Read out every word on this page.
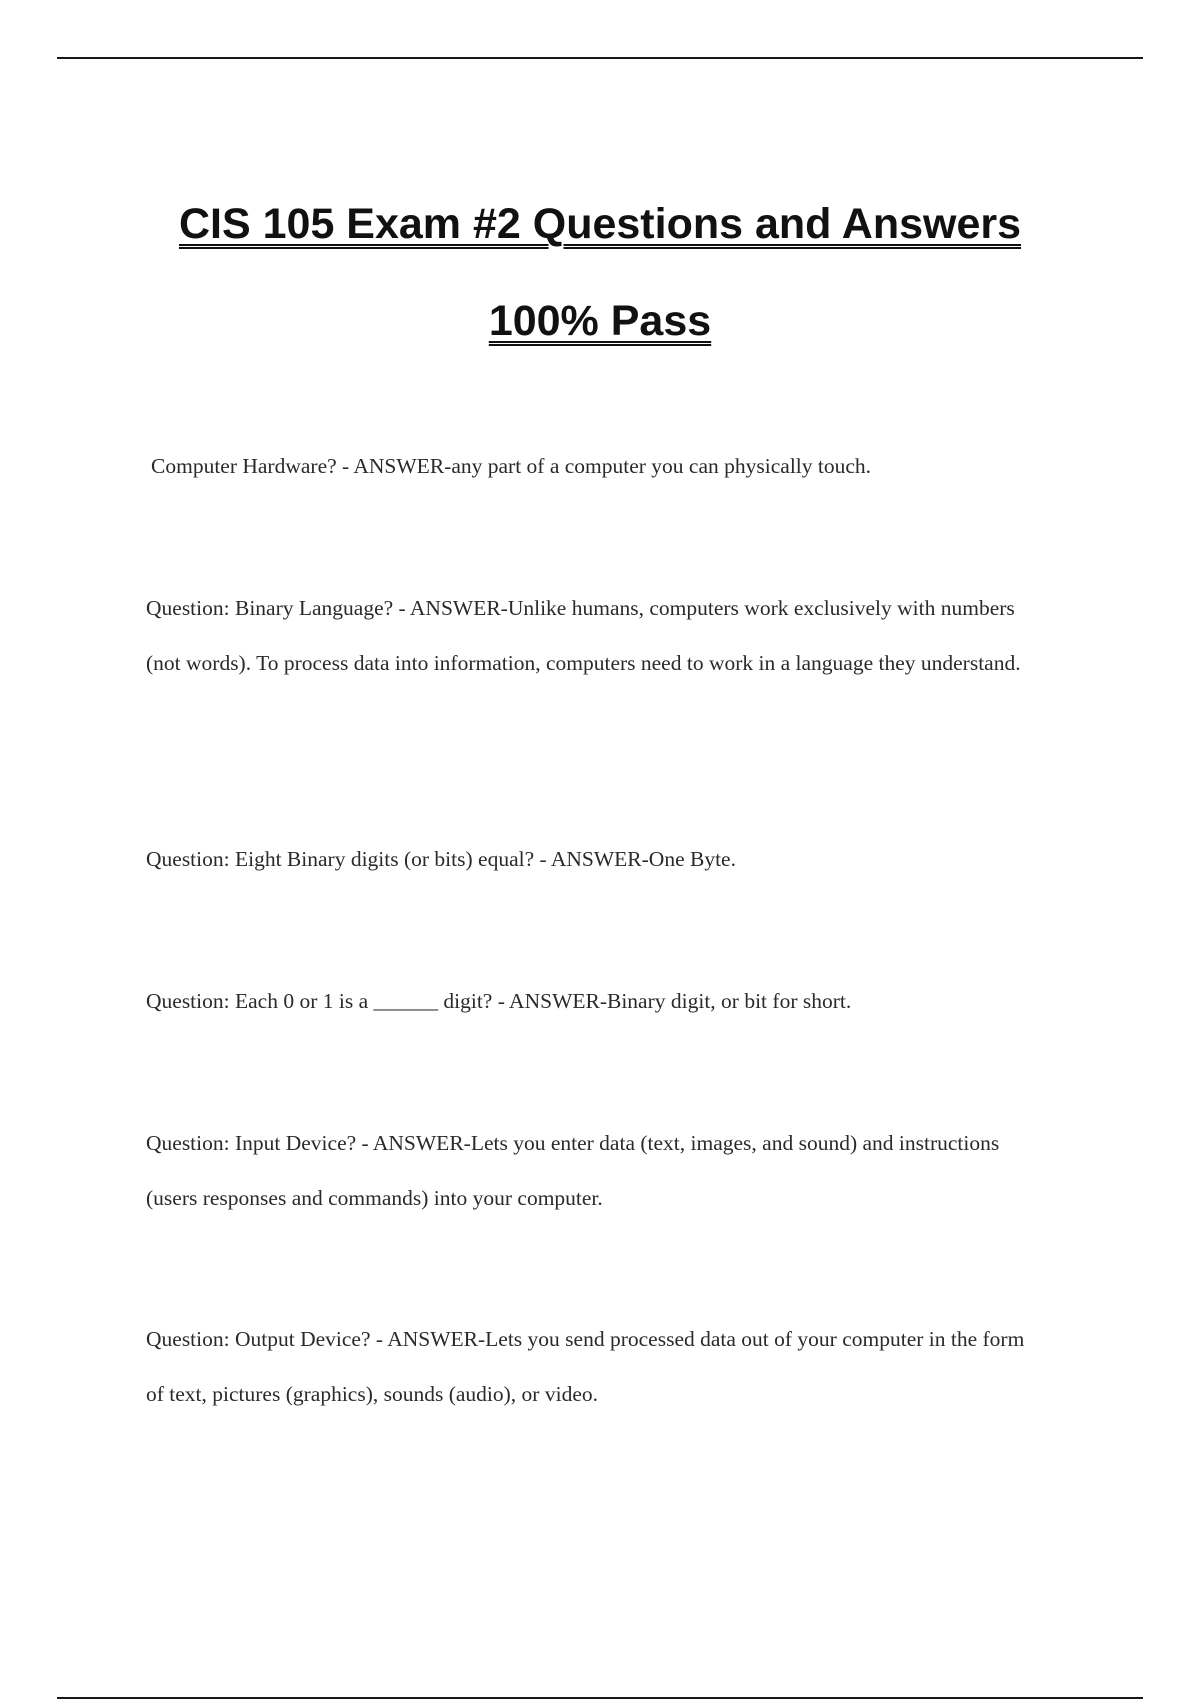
CIS 105 Exam #2 Questions and Answers
100% Pass

Computer Hardware? - ANSWER-any part of a computer you can physically touch.

Question: Binary Language? - ANSWER-Unlike humans, computers work exclusively with numbers (not words). To process data into information, computers need to work in a language they understand.

Question: Eight Binary digits (or bits) equal? - ANSWER-One Byte.

Question: Each 0 or 1 is a ______ digit? - ANSWER-Binary digit, or bit for short.

Question: Input Device? - ANSWER-Lets you enter data (text, images, and sound) and instructions (users responses and commands) into your computer.

Question: Output Device? - ANSWER-Lets you send processed data out of your computer in the form of text, pictures (graphics), sounds (audio), or video.
